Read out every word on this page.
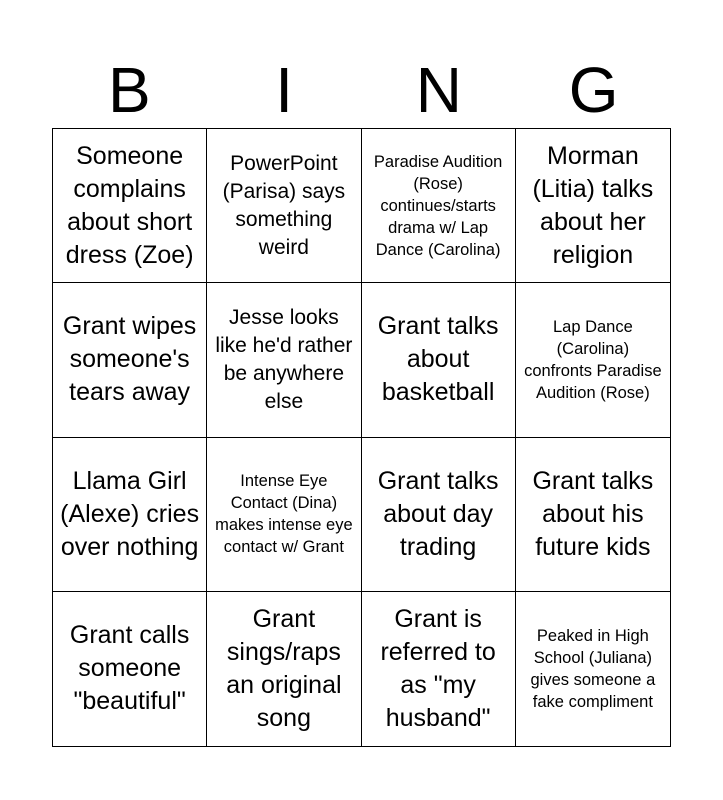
B	I	N	G
Someone complains about short dress (Zoe)
PowerPoint (Parisa) says something weird
Paradise Audition (Rose) continues/starts drama w/ Lap Dance (Carolina)
Morman (Litia) talks about her religion
Grant wipes someone's tears away
Jesse looks like he'd rather be anywhere else
Grant talks about basketball
Lap Dance (Carolina) confronts Paradise Audition (Rose)
Llama Girl (Alexe) cries over nothing
Intense Eye Contact (Dina) makes intense eye contact w/ Grant
Grant talks about day trading
Grant talks about his future kids
Grant calls someone "beautiful"
Grant sings/raps an original song
Grant is referred to as "my husband"
Peaked in High School (Juliana) gives someone a fake compliment
